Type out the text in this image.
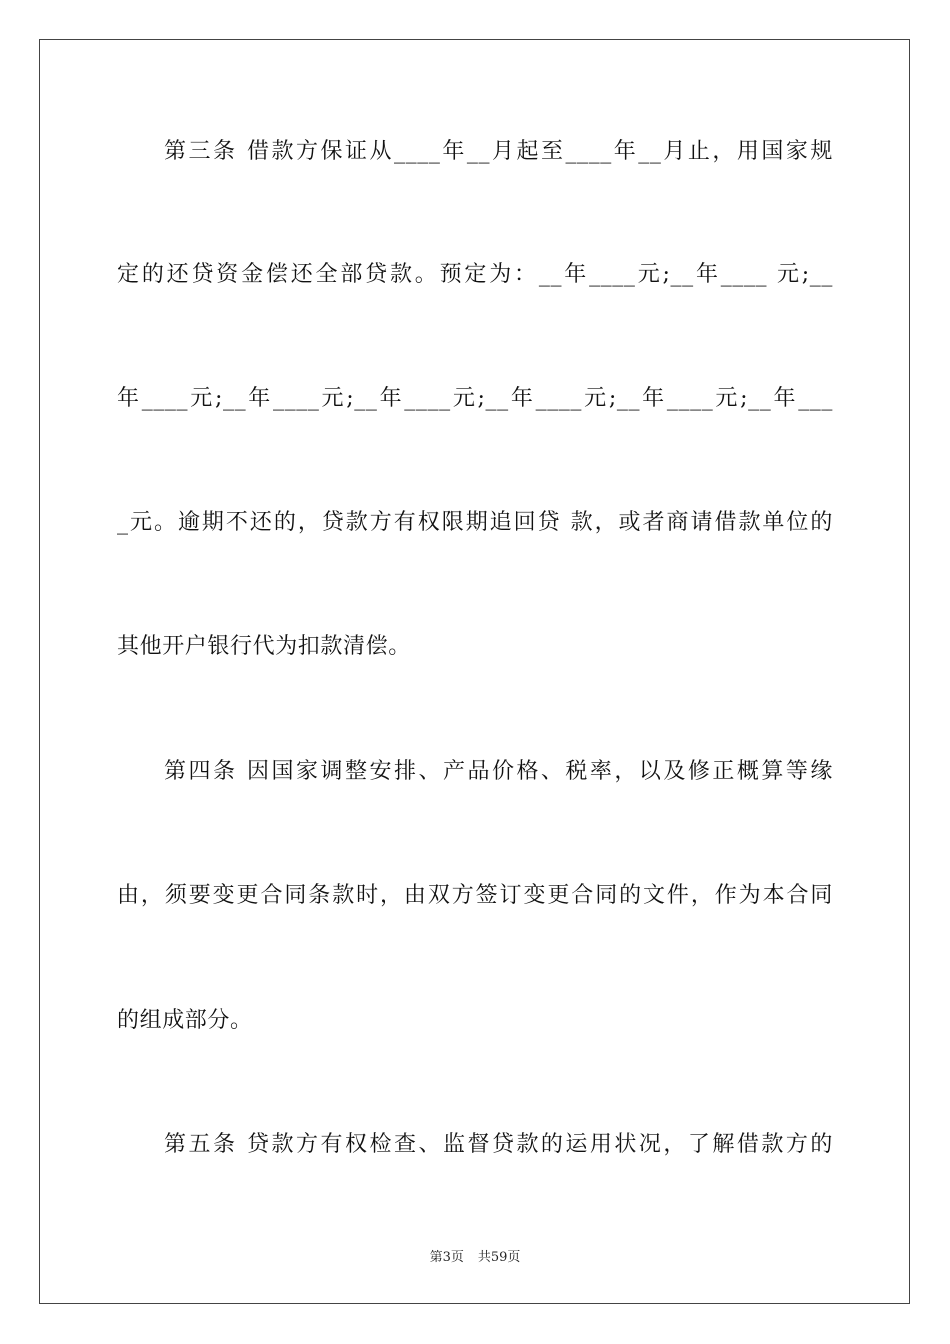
第三条 借款方保证从____年__月起至____年__月止，用国家规
定的还贷资金偿还全部贷款。预定为：__年____元;__年____ 元;__
年____元;__年____元;__年____元;__年____元;__年____元;__年___
_元。逾期不还的，贷款方有权限期追回贷 款，或者商请借款单位的
其他开户银行代为扣款清偿。
第四条 因国家调整安排、产品价格、税率，以及修正概算等缘
由，须要变更合同条款时，由双方签订变更合同的文件，作为本合同
的组成部分。
第五条 贷款方有权检查、监督贷款的运用状况，了解借款方的
第3页 共59页
